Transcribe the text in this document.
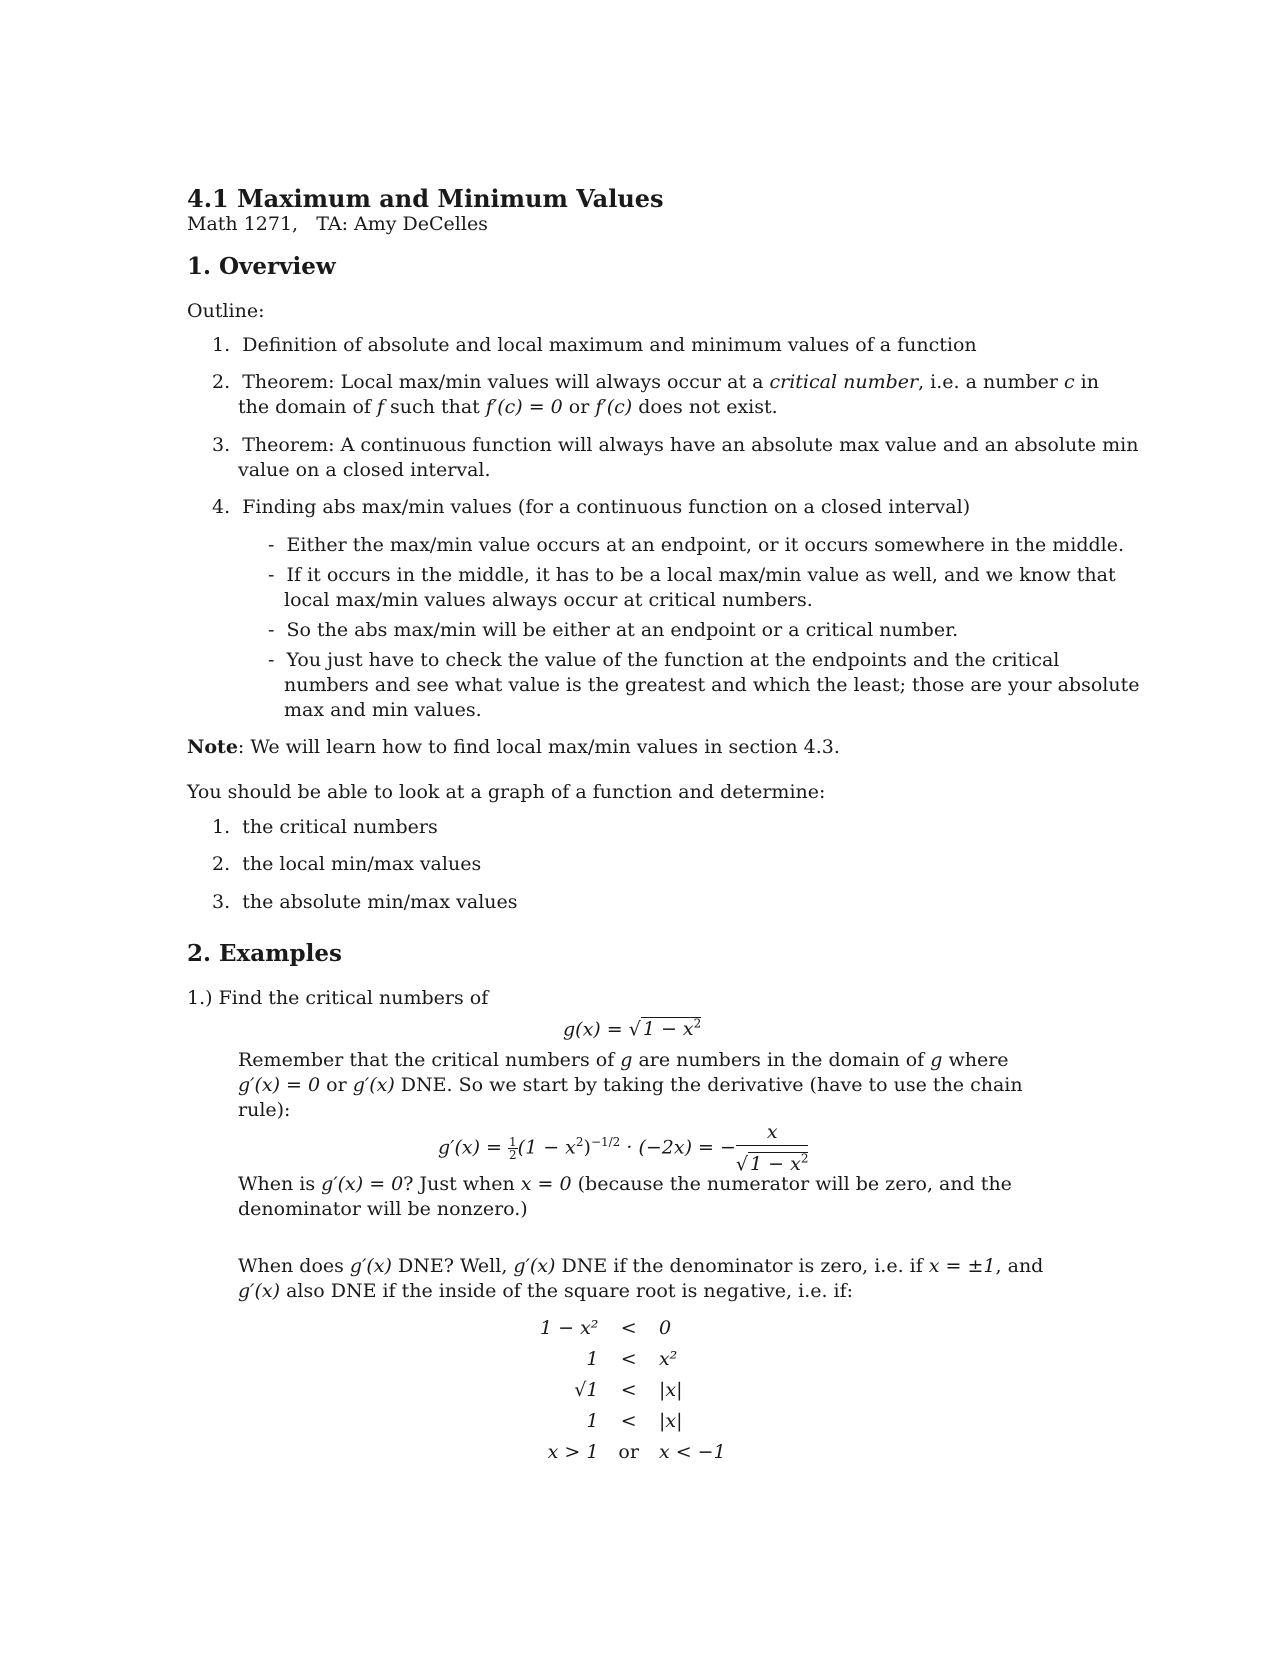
4.1 Maximum and Minimum Values
Math 1271, TA: Amy DeCelles
1. Overview
Outline:
1. Definition of absolute and local maximum and minimum values of a function
2. Theorem: Local max/min values will always occur at a critical number, i.e. a number c in
the domain of f such that f′(c) = 0 or f′(c) does not exist.
3. Theorem: A continuous function will always have an absolute max value and an absolute min
value on a closed interval.
4. Finding abs max/min values (for a continuous function on a closed interval)
- Either the max/min value occurs at an endpoint, or it occurs somewhere in the middle.
- If it occurs in the middle, it has to be a local max/min value as well, and we know that
local max/min values always occur at critical numbers.
- So the abs max/min will be either at an endpoint or a critical number.
- You just have to check the value of the function at the endpoints and the critical
numbers and see what value is the greatest and which the least; those are your absolute
max and min values.
Note: We will learn how to find local max/min values in section 4.3.
You should be able to look at a graph of a function and determine:
1. the critical numbers
2. the local min/max values
3. the absolute min/max values
2. Examples
1.) Find the critical numbers of
g(x) = √ $1 - x^2$
Remember that the critical numbers of g are numbers in the domain of g where
g′(x) = 0 or g′(x) DNE. So we start by taking the derivative (have to use the chain
rule):
$g'(x) = \frac{1}{2} (1 - x^2)^{-1/2} \cdot (-2x)$ = − $\frac{x}{√ 1 - x^2}$
When is g′(x) = 0? Just when x = 0 (because the numerator will be zero, and the
denominator will be nonzero.)
When does g′(x) DNE? Well, g′(x) DNE if the denominator is zero, i.e. if x = ±1, and
g′(x) also DNE if the inside of the square root is negative, i.e. if:
1 − x²	<	0
1	<	x²
√1	<	|x|
1	<	|x|
x > 1	or	x < −1
